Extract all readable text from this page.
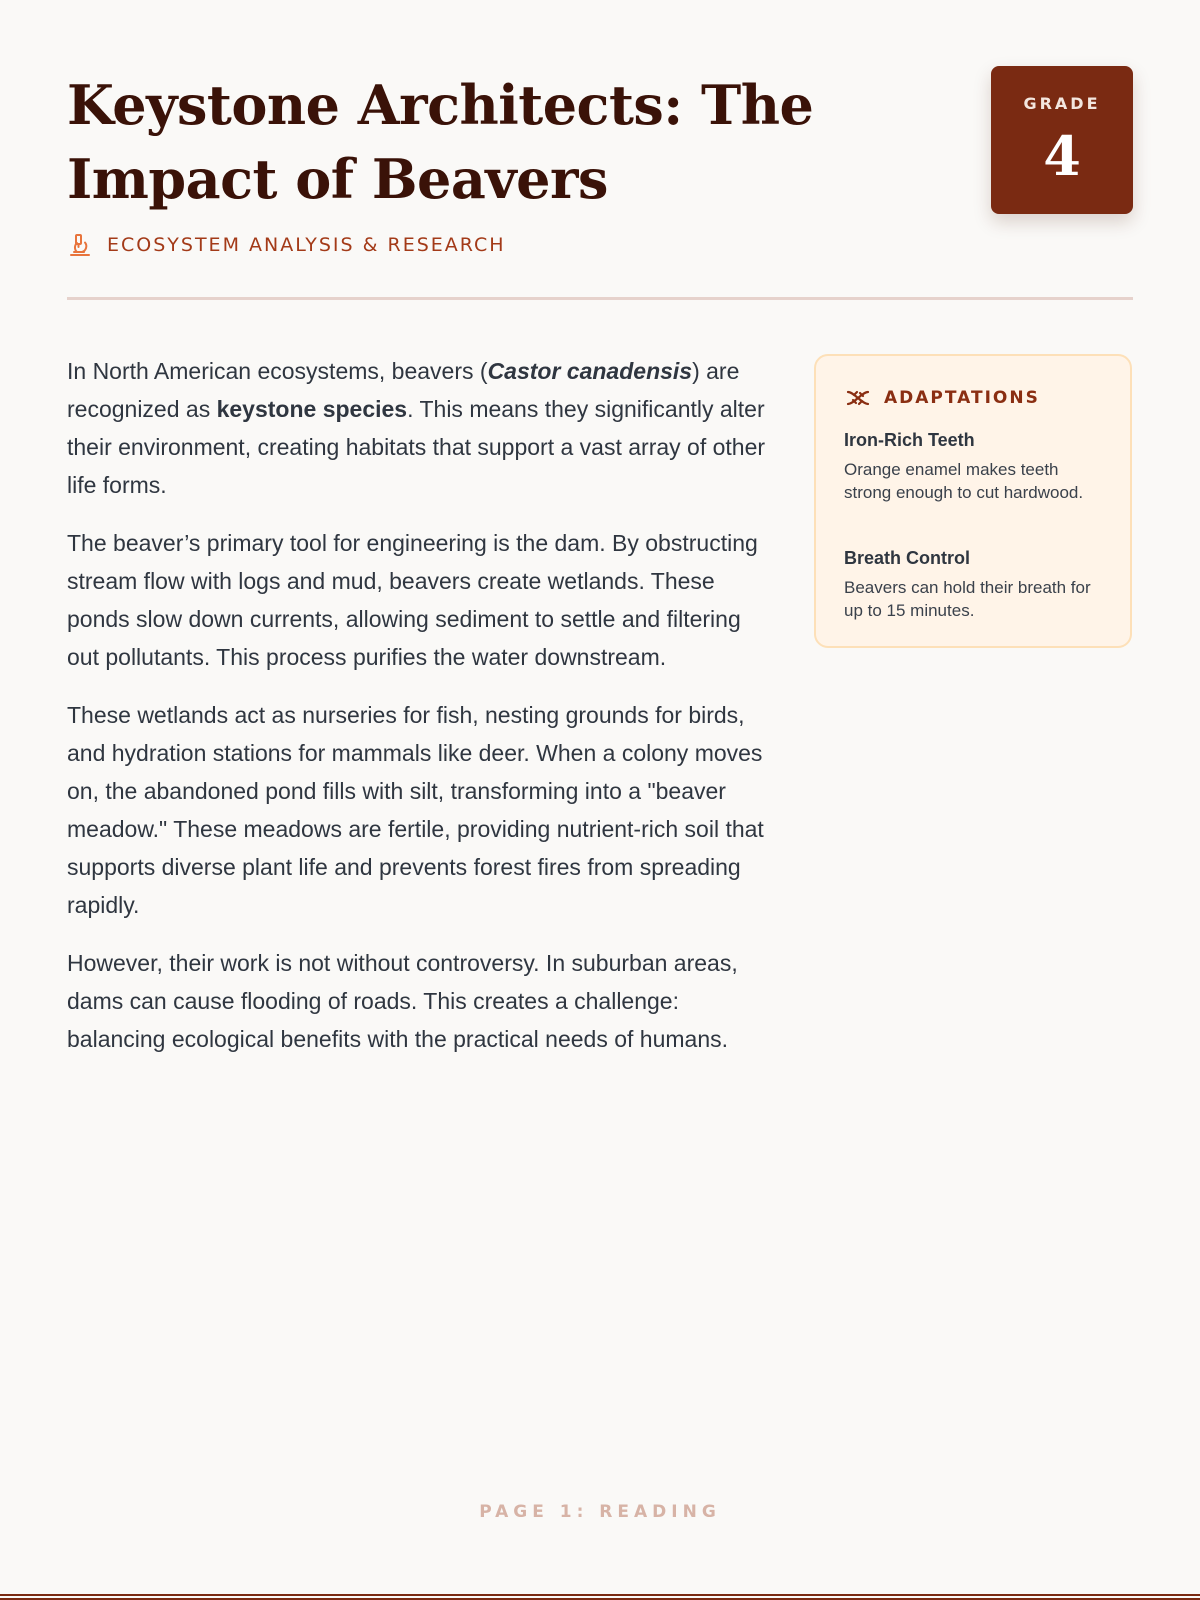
Keystone Architects: The Impact of Beavers
ECOSYSTEM ANALYSIS & RESEARCH
GRADE
4

In North American ecosystems, beavers (Castor canadensis) are recognized as keystone species. This means they significantly alter their environment, creating habitats that support a vast array of other life forms.

The beaver’s primary tool for engineering is the dam. By obstructing stream flow with logs and mud, beavers create wetlands. These ponds slow down currents, allowing sediment to settle and filtering out pollutants. This process purifies the water downstream.

These wetlands act as nurseries for fish, nesting grounds for birds, and hydration stations for mammals like deer. When a colony moves on, the abandoned pond fills with silt, transforming into a "beaver meadow." These meadows are fertile, providing nutrient-rich soil that supports diverse plant life and prevents forest fires from spreading rapidly.

However, their work is not without controversy. In suburban areas, dams can cause flooding of roads. This creates a challenge: balancing ecological benefits with the practical needs of humans.

ADAPTATIONS
Iron-Rich Teeth
Orange enamel makes teeth strong enough to cut hardwood.
Breath Control
Beavers can hold their breath for up to 15 minutes.
PAGE 1: READING
